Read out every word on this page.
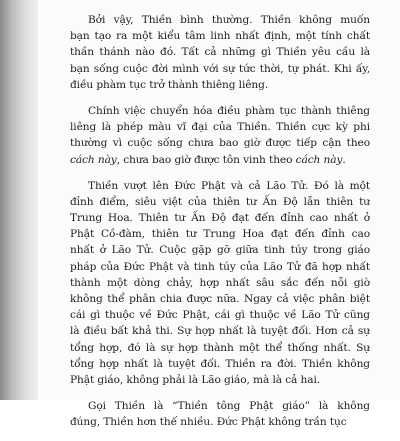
Bởi vậy, Thiền bình thường. Thiền không muốn
bạn tạo ra một kiểu tâm linh nhất định, một tính chất
thần thánh nào đó. Tất cả những gì Thiền yêu cầu là
bạn sống cuộc đời mình với sự tức thời, tự phát. Khi ấy,
điều phàm tục trở thành thiêng liêng.
Chính việc chuyển hóa điều phàm tục thành thiêng
liêng là phép màu vĩ đại của Thiền. Thiền cực kỳ phi
thường vì cuộc sống chưa bao giờ được tiếp cận theo
cách này, chưa bao giờ được tôn vinh theo cách này.
Thiền vượt lên Đức Phật và cả Lão Tử. Đó là một
đỉnh điểm, siêu việt của thiên tư Ấn Độ lẫn thiên tư
Trung Hoa. Thiên tư Ấn Độ đạt đến đỉnh cao nhất ở
Phật Cồ-đàm, thiên tư Trung Hoa đạt đến đỉnh cao
nhất ở Lão Tử. Cuộc gặp gỡ giữa tinh túy trong giáo
pháp của Đức Phật và tinh túy của Lão Tử đã hợp nhất
thành một dòng chảy, hợp nhất sâu sắc đến nỗi giờ
không thể phân chia được nữa. Ngay cả việc phân biệt
cái gì thuộc về Đức Phật, cái gì thuộc về Lão Tử cũng
là điều bất khả thi. Sự hợp nhất là tuyệt đối. Hơn cả sự
tổng hợp, đó là sự hợp thành một thể thống nhất. Sự
tổng hợp nhất là tuyệt đối. Thiền ra đời. Thiền không
Phật giáo, không phải là Lão giáo, mà là cả hai.
Gọi Thiền là “Thiền tông Phật giáo” là không
đúng, Thiền hơn thế nhiều. Đức Phật không trần tục
